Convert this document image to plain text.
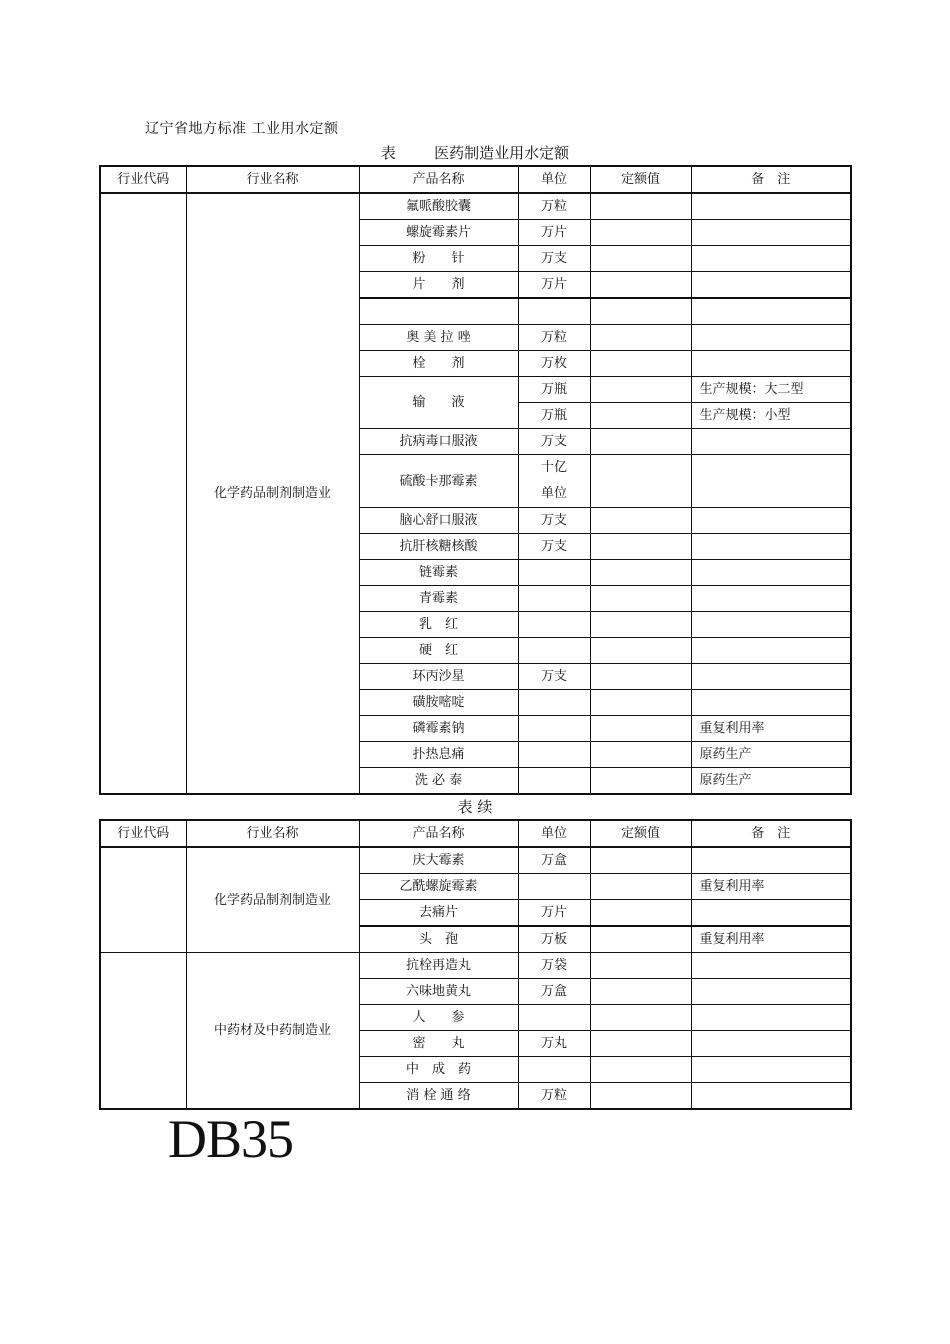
辽宁省地方标准 工业用水定额
表	医药制造业用水定额
行业代码	行业名称	产品名称	单位	定额值	备　注
	化学药品制剂制造业	氟哌酸胶囊	万粒		
		螺旋霉素片	万片		
		粉　　针	万支		
		片　　剂	万片		

		奥 美 拉 唑	万粒		
		栓　　剂	万枚		
		输　　液	万瓶		生产规模：大二型
			万瓶		生产规模：小型
		抗病毒口服液	万支		
		硫酸卡那霉素	十亿
单位		
		脑心舒口服液	万支		
		抗肝核糖核酸	万支		
		链霉素			
		青霉素			
		乳　红			
		硬　红			
		环丙沙星	万支		
		磺胺嘧啶			
		磷霉素钠			重复利用率
		扑热息痛			原药生产
		洗 必 泰			原药生产
表 续
行业代码	行业名称	产品名称	单位	定额值	备　注
	化学药品制剂制造业	庆大霉素	万盒		
		乙酰螺旋霉素			重复利用率
		去痛片	万片		
		头　孢	万板		重复利用率
	中药材及中药制造业	抗栓再造丸	万袋		
		六味地黄丸	万盒		
		人　　参			
		密　　丸	万丸		
		中　成　药			
		消 栓 通 络	万粒		
DB35
